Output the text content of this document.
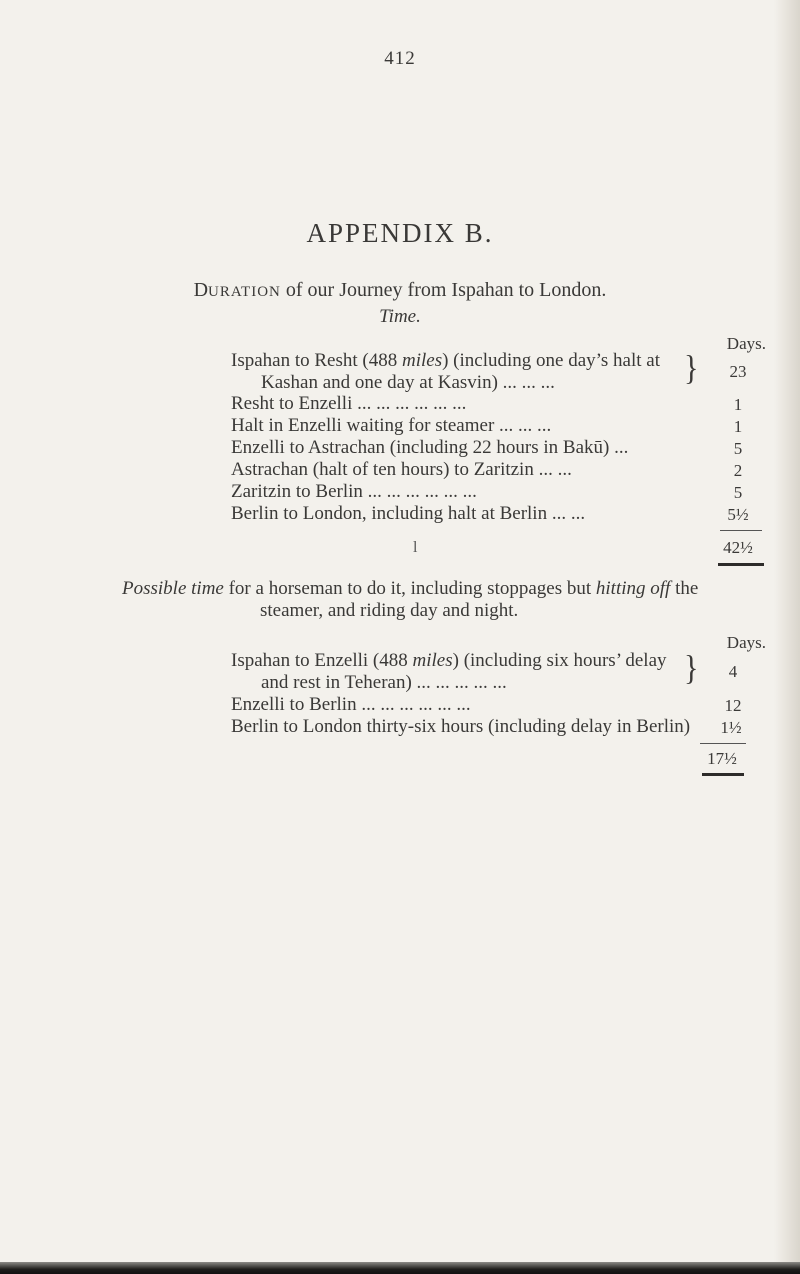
412
APPENDIX B.
DURATION of our Journey from Ispahan to London.
Time.
Days.
Ispahan to Resht (488 miles) (including one day’s halt at
Kashan and one day at Kasvin) ... ... ...	}	23
Resht to Enzelli ... ... ... ... ... ...	1
Halt in Enzelli waiting for steamer ... ... ...	1
Enzelli to Astrachan (including 22 hours in Bakū) ...	5
Astrachan (halt of ten hours) to Zaritzin ... ...	2
Zaritzin to Berlin ... ... ... ... ... ...	5
Berlin to London, including halt at Berlin ... ...	5½
l	42½
Possible time for a horseman to do it, including stoppages but hitting off the
steamer, and riding day and night.
Days.
Ispahan to Enzelli (488 miles) (including six hours’ delay
and rest in Teheran) ... ... ... ... ...	}	4
Enzelli to Berlin ... ... ... ... ... ...	12
Berlin to London thirty-six hours (including delay in Berlin)	1½
17½
